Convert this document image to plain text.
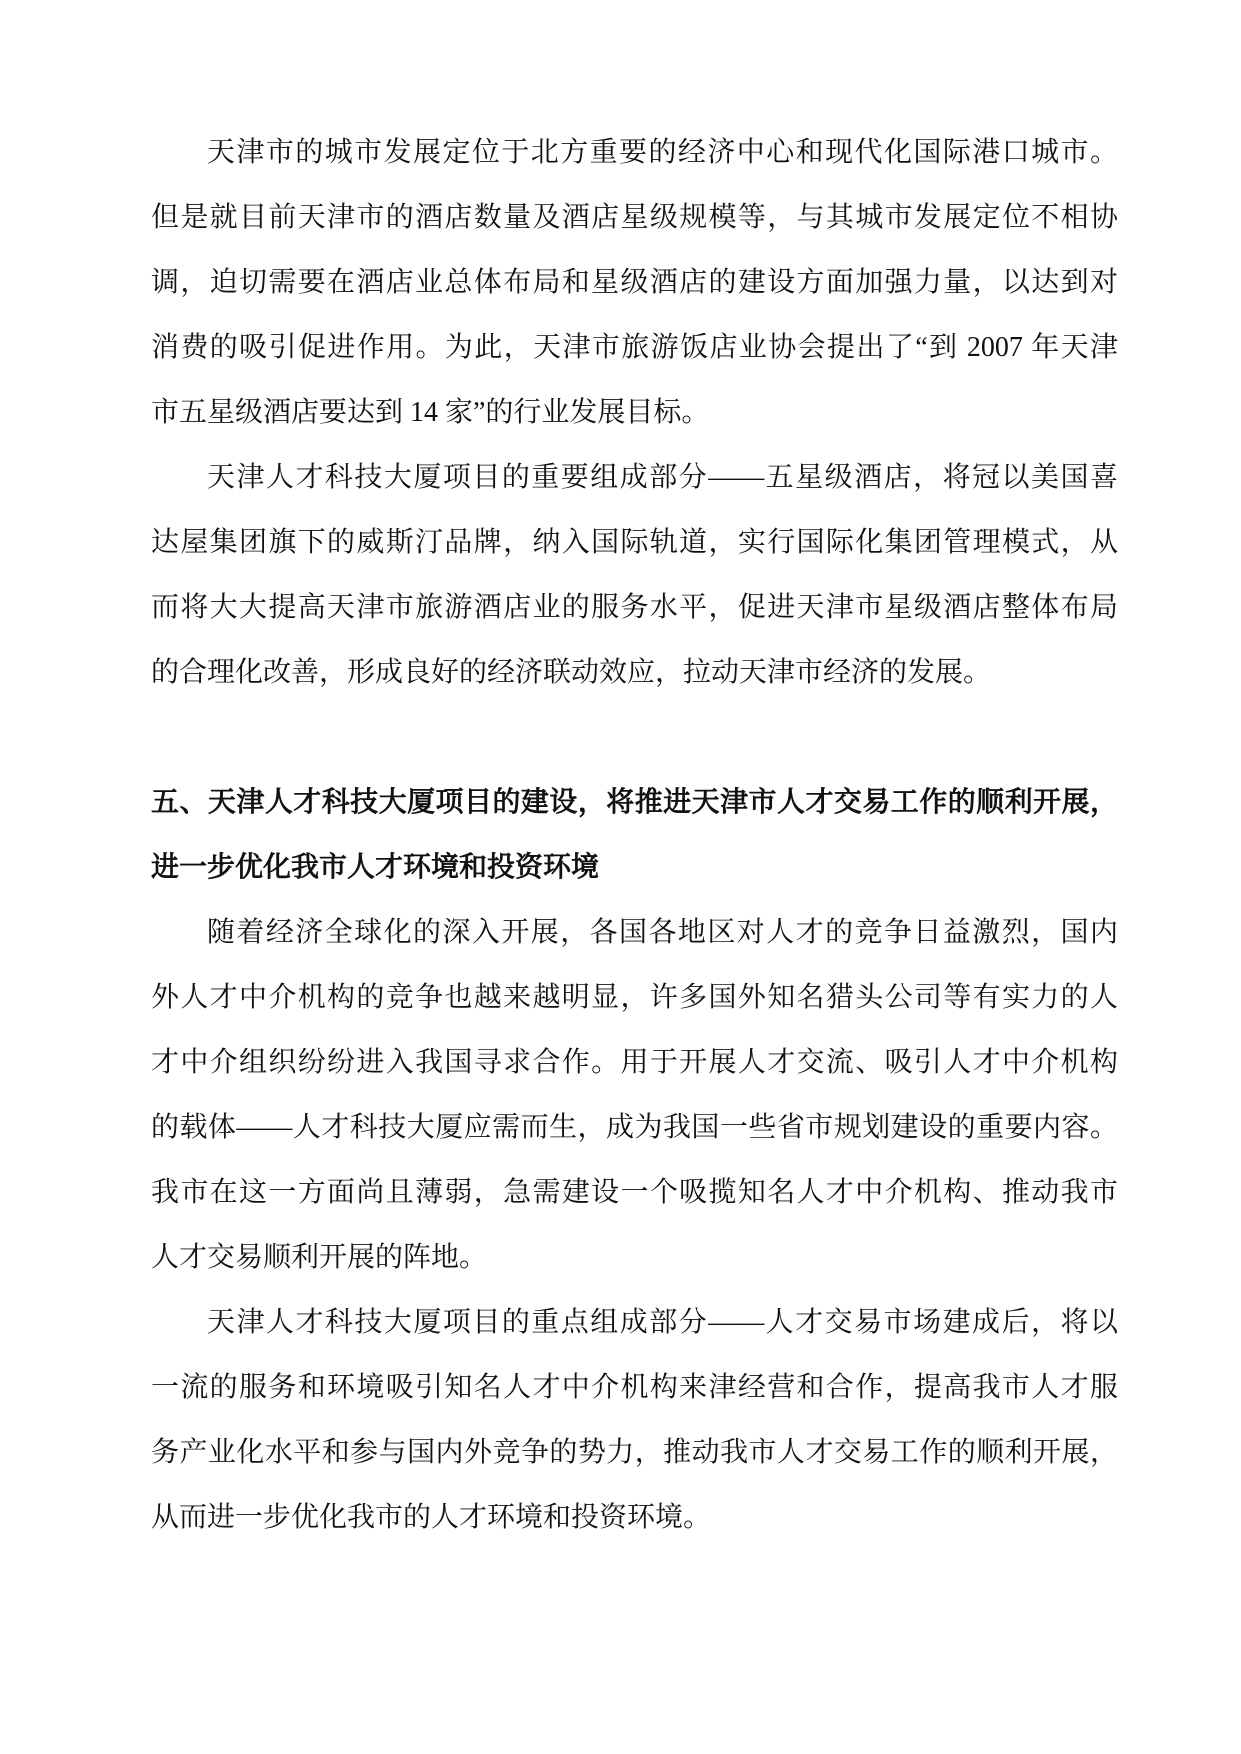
天津市的城市发展定位于北方重要的经济中心和现代化国际港口城市。
但是就目前天津市的酒店数量及酒店星级规模等，与其城市发展定位不相协
调，迫切需要在酒店业总体布局和星级酒店的建设方面加强力量，以达到对
消费的吸引促进作用。为此，天津市旅游饭店业协会提出了“到 2007 年天津
市五星级酒店要达到 14 家”的行业发展目标。
天津人才科技大厦项目的重要组成部分——五星级酒店，将冠以美国喜
达屋集团旗下的威斯汀品牌，纳入国际轨道，实行国际化集团管理模式，从
而将大大提高天津市旅游酒店业的服务水平，促进天津市星级酒店整体布局
的合理化改善，形成良好的经济联动效应，拉动天津市经济的发展。
五、天津人才科技大厦项目的建设，将推进天津市人才交易工作的顺利开展，
进一步优化我市人才环境和投资环境
随着经济全球化的深入开展，各国各地区对人才的竞争日益激烈，国内
外人才中介机构的竞争也越来越明显，许多国外知名猎头公司等有实力的人
才中介组织纷纷进入我国寻求合作。用于开展人才交流、吸引人才中介机构
的载体——人才科技大厦应需而生，成为我国一些省市规划建设的重要内容。
我市在这一方面尚且薄弱，急需建设一个吸揽知名人才中介机构、推动我市
人才交易顺利开展的阵地。
天津人才科技大厦项目的重点组成部分——人才交易市场建成后，将以
一流的服务和环境吸引知名人才中介机构来津经营和合作，提高我市人才服
务产业化水平和参与国内外竞争的势力，推动我市人才交易工作的顺利开展，
从而进一步优化我市的人才环境和投资环境。
